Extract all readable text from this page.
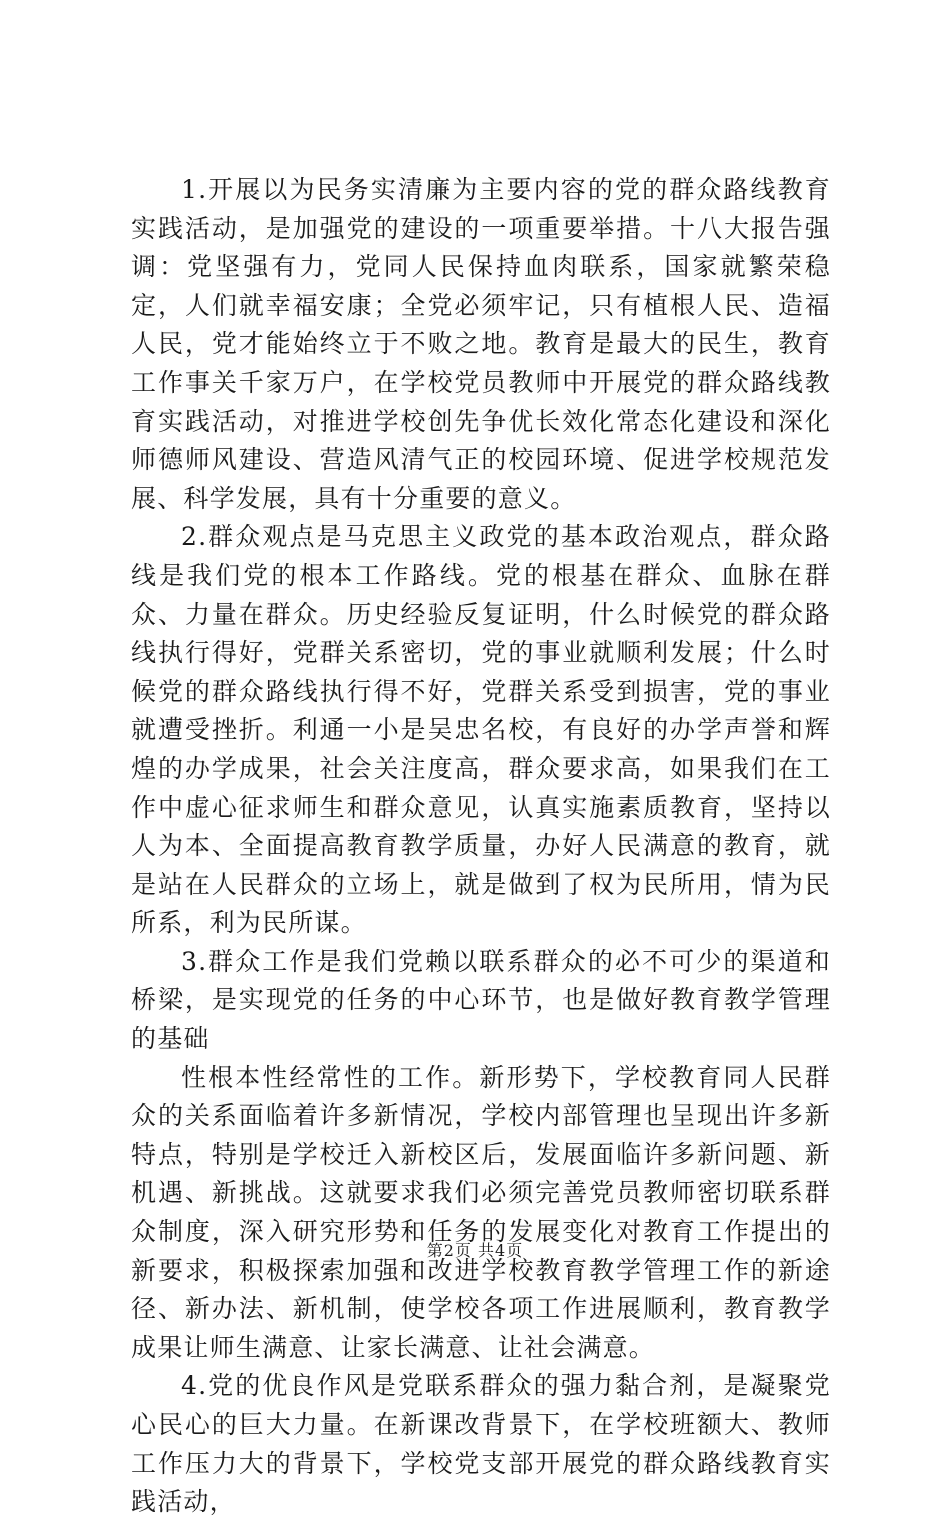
1.开展以为民务实清廉为主要内容的党的群众路线教育实践活动，是加强党的建设的一项重要举措。十八大报告强调：党坚强有力，党同人民保持血肉联系，国家就繁荣稳定，人们就幸福安康；全党必须牢记，只有植根人民、造福人民，党才能始终立于不败之地。教育是最大的民生，教育工作事关千家万户，在学校党员教师中开展党的群众路线教育实践活动，对推进学校创先争优长效化常态化建设和深化师德师风建设、营造风清气正的校园环境、促进学校规范发展、科学发展，具有十分重要的意义。

2.群众观点是马克思主义政党的基本政治观点，群众路线是我们党的根本工作路线。党的根基在群众、血脉在群众、力量在群众。历史经验反复证明，什么时候党的群众路线执行得好，党群关系密切，党的事业就顺利发展；什么时候党的群众路线执行得不好，党群关系受到损害，党的事业就遭受挫折。利通一小是吴忠名校，有良好的办学声誉和辉煌的办学成果，社会关注度高，群众要求高，如果我们在工作中虚心征求师生和群众意见，认真实施素质教育，坚持以人为本、全面提高教育教学质量，办好人民满意的教育，就是站在人民群众的立场上，就是做到了权为民所用，情为民所系，利为民所谋。

3.群众工作是我们党赖以联系群众的必不可少的渠道和桥梁，是实现党的任务的中心环节，也是做好教育教学管理的基础

性根本性经常性的工作。新形势下，学校教育同人民群众的关系面临着许多新情况，学校内部管理也呈现出许多新特点，特别是学校迁入新校区后，发展面临许多新问题、新机遇、新挑战。这就要求我们必须完善党员教师密切联系群众制度，深入研究形势和任务的发展变化对教育工作提出的新要求，积极探索加强和改进学校教育教学管理工作的新途径、新办法、新机制，使学校各项工作进展顺利，教育教学成果让师生满意、让家长满意、让社会满意。

4.党的优良作风是党联系群众的强力黏合剂，是凝聚党心民心的巨大力量。在新课改背景下，在学校班额大、教师工作压力大的背景下，学校党支部开展党的群众路线教育实践活动，

第2页 共4页
